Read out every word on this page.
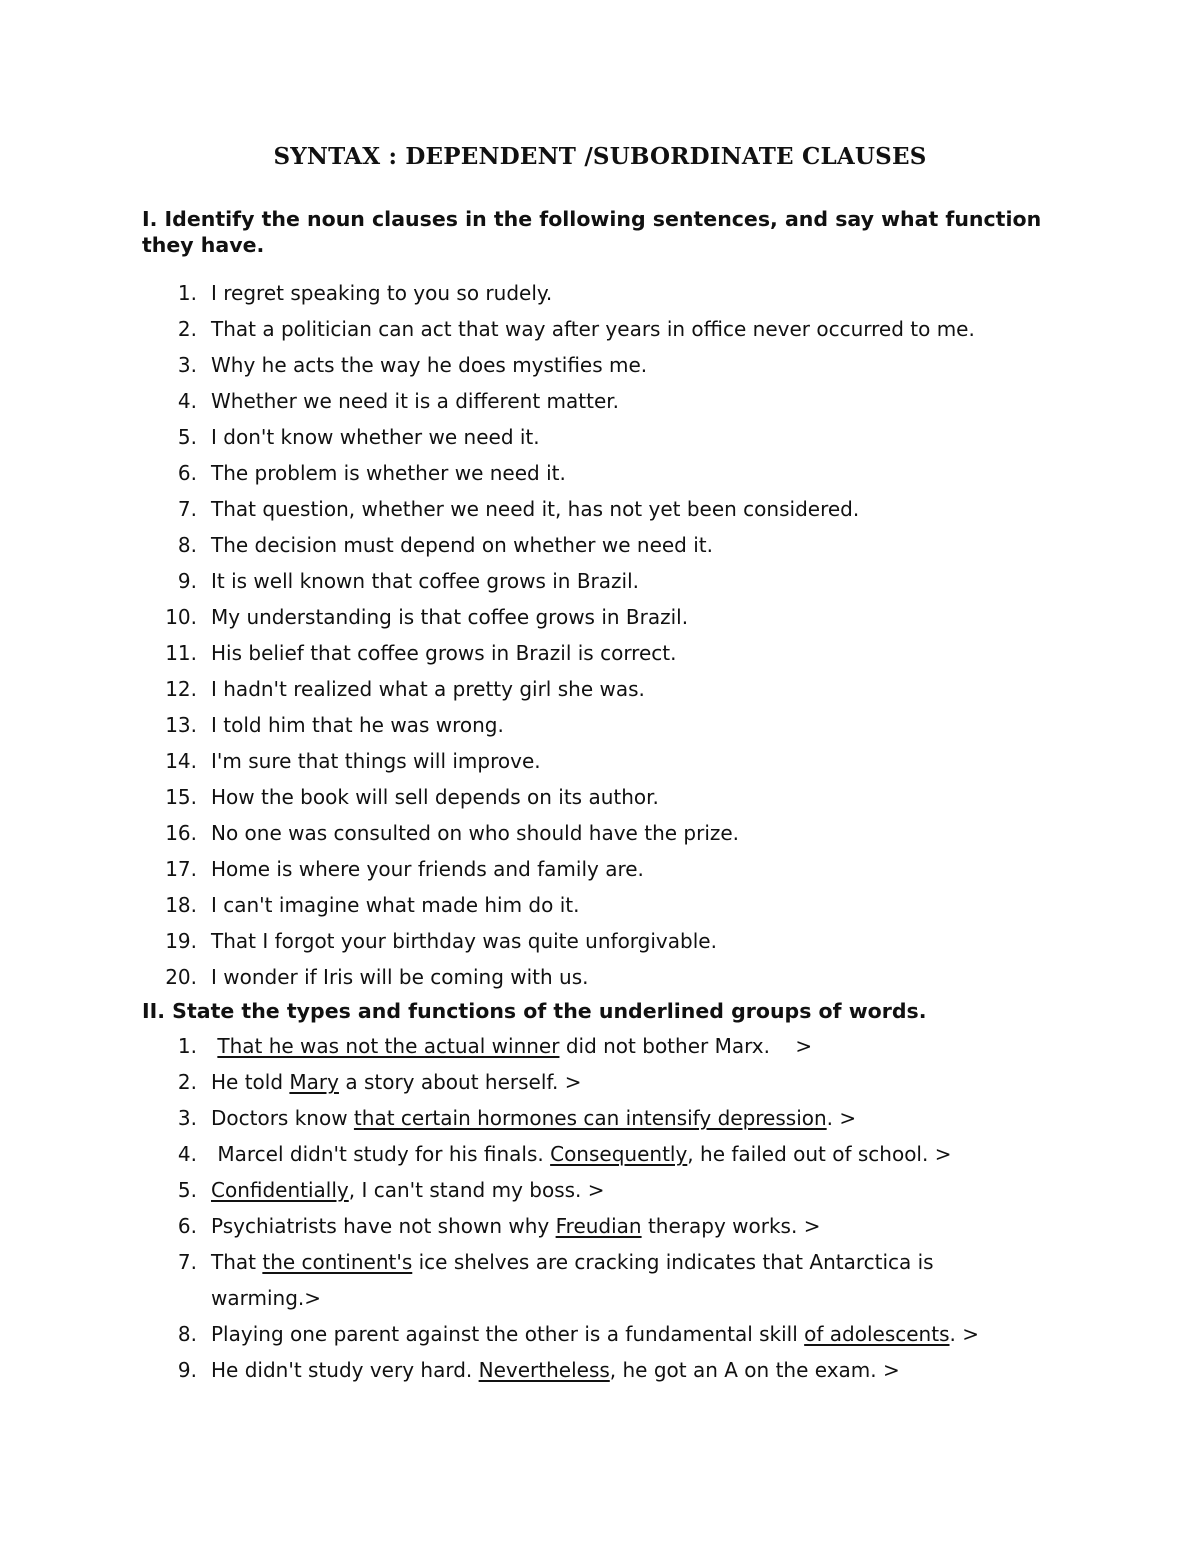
SYNTAX : DEPENDENT /SUBORDINATE CLAUSES

I. Identify the noun clauses in the following sentences, and say what function they have.

1. I regret speaking to you so rudely.
2. That a politician can act that way after years in office never occurred to me.
3. Why he acts the way he does mystifies me.
4. Whether we need it is a different matter.
5. I don't know whether we need it.
6. The problem is whether we need it.
7. That question, whether we need it, has not yet been considered.
8. The decision must depend on whether we need it.
9. It is well known that coffee grows in Brazil.
10. My understanding is that coffee grows in Brazil.
11. His belief that coffee grows in Brazil is correct.
12. I hadn't realized what a pretty girl she was.
13. I told him that he was wrong.
14. I'm sure that things will improve.
15. How the book will sell depends on its author.
16. No one was consulted on who should have the prize.
17. Home is where your friends and family are.
18. I can't imagine what made him do it.
19. That I forgot your birthday was quite unforgivable.
20. I wonder if Iris will be coming with us.

II. State the types and functions of the underlined groups of words.

1.	That he was not the actual winner did not bother Marx.    >
2. He told Mary a story about herself. >
3. Doctors know that certain hormones can intensify depression. >
4. Marcel didn't study for his finals. Consequently, he failed out of school. >
5. Confidentially, I can't stand my boss. >
6. Psychiatrists have not shown why Freudian therapy works. >
7. That the continent's ice shelves are cracking indicates that Antarctica is
warming.>
8. Playing one parent against the other is a fundamental skill of adolescents. >
9. He didn't study very hard. Nevertheless, he got an A on the exam. >
